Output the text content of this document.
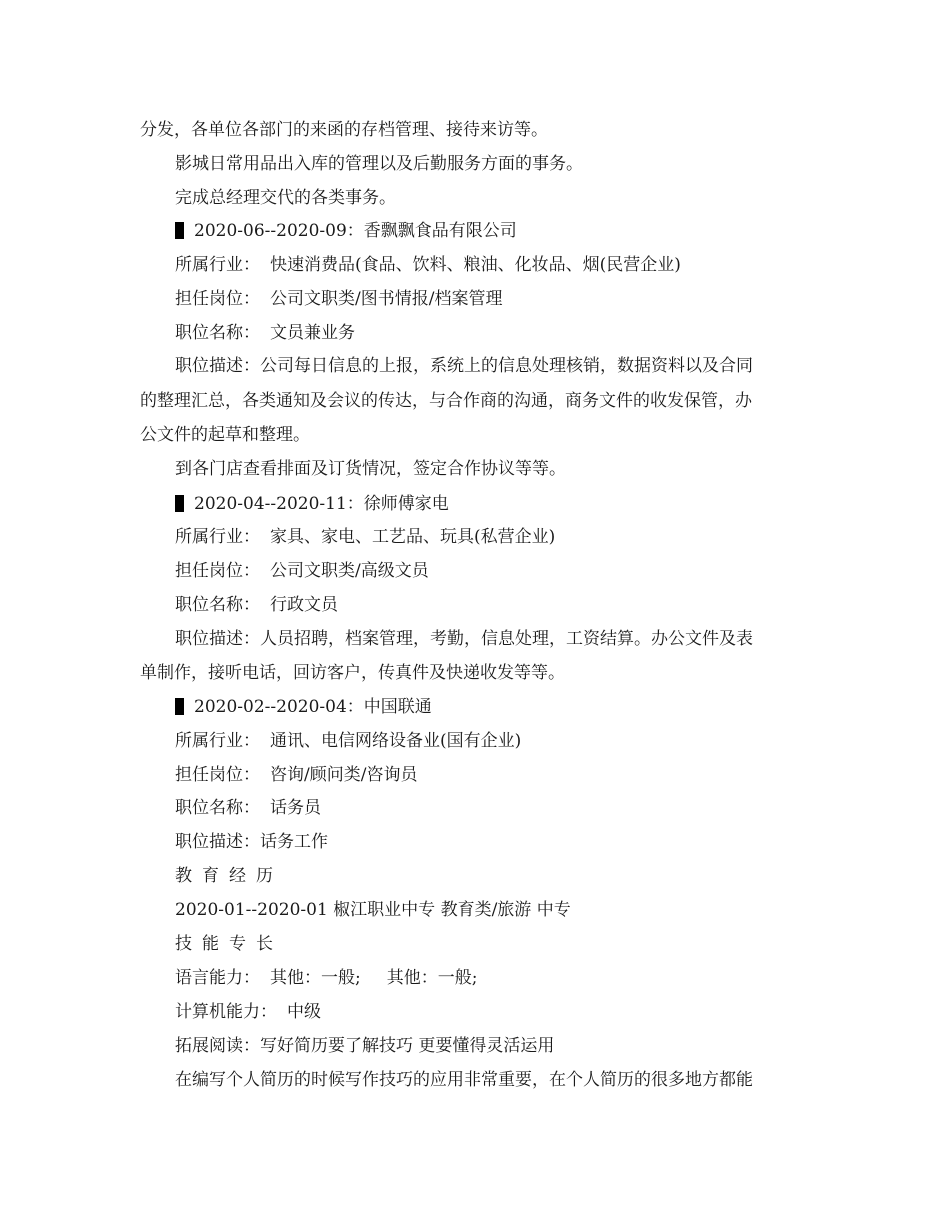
分发，各单位各部门的来函的存档管理、接待来访等。
影城日常用品出入库的管理以及后勤服务方面的事务。
完成总经理交代的各类事务。
2020-06--2020-09：香飘飘食品有限公司
所属行业： 快速消费品(食品、饮料、粮油、化妆品、烟(民营企业)
担任岗位： 公司文职类/图书情报/档案管理
职位名称： 文员兼业务
职位描述：公司每日信息的上报，系统上的信息处理核销，数据资料以及合同
的整理汇总，各类通知及会议的传达，与合作商的沟通，商务文件的收发保管，办
公文件的起草和整理。
到各门店查看排面及订货情况，签定合作协议等等。
2020-04--2020-11：徐师傅家电
所属行业： 家具、家电、工艺品、玩具(私营企业)
担任岗位： 公司文职类/高级文员
职位名称： 行政文员
职位描述：人员招聘，档案管理，考勤，信息处理，工资结算。办公文件及表
单制作，接听电话，回访客户，传真件及快递收发等等。
2020-02--2020-04：中国联通
所属行业： 通讯、电信网络设备业(国有企业)
担任岗位： 咨询/顾问类/咨询员
职位名称： 话务员
职位描述：话务工作
教育经历
2020-01--2020-01 椒江职业中专 教育类/旅游 中专
技能专长
语言能力： 其他：一般; 其他：一般;
计算机能力： 中级
拓展阅读：写好简历要了解技巧 更要懂得灵活运用
在编写个人简历的时候写作技巧的应用非常重要，在个人简历的很多地方都能
